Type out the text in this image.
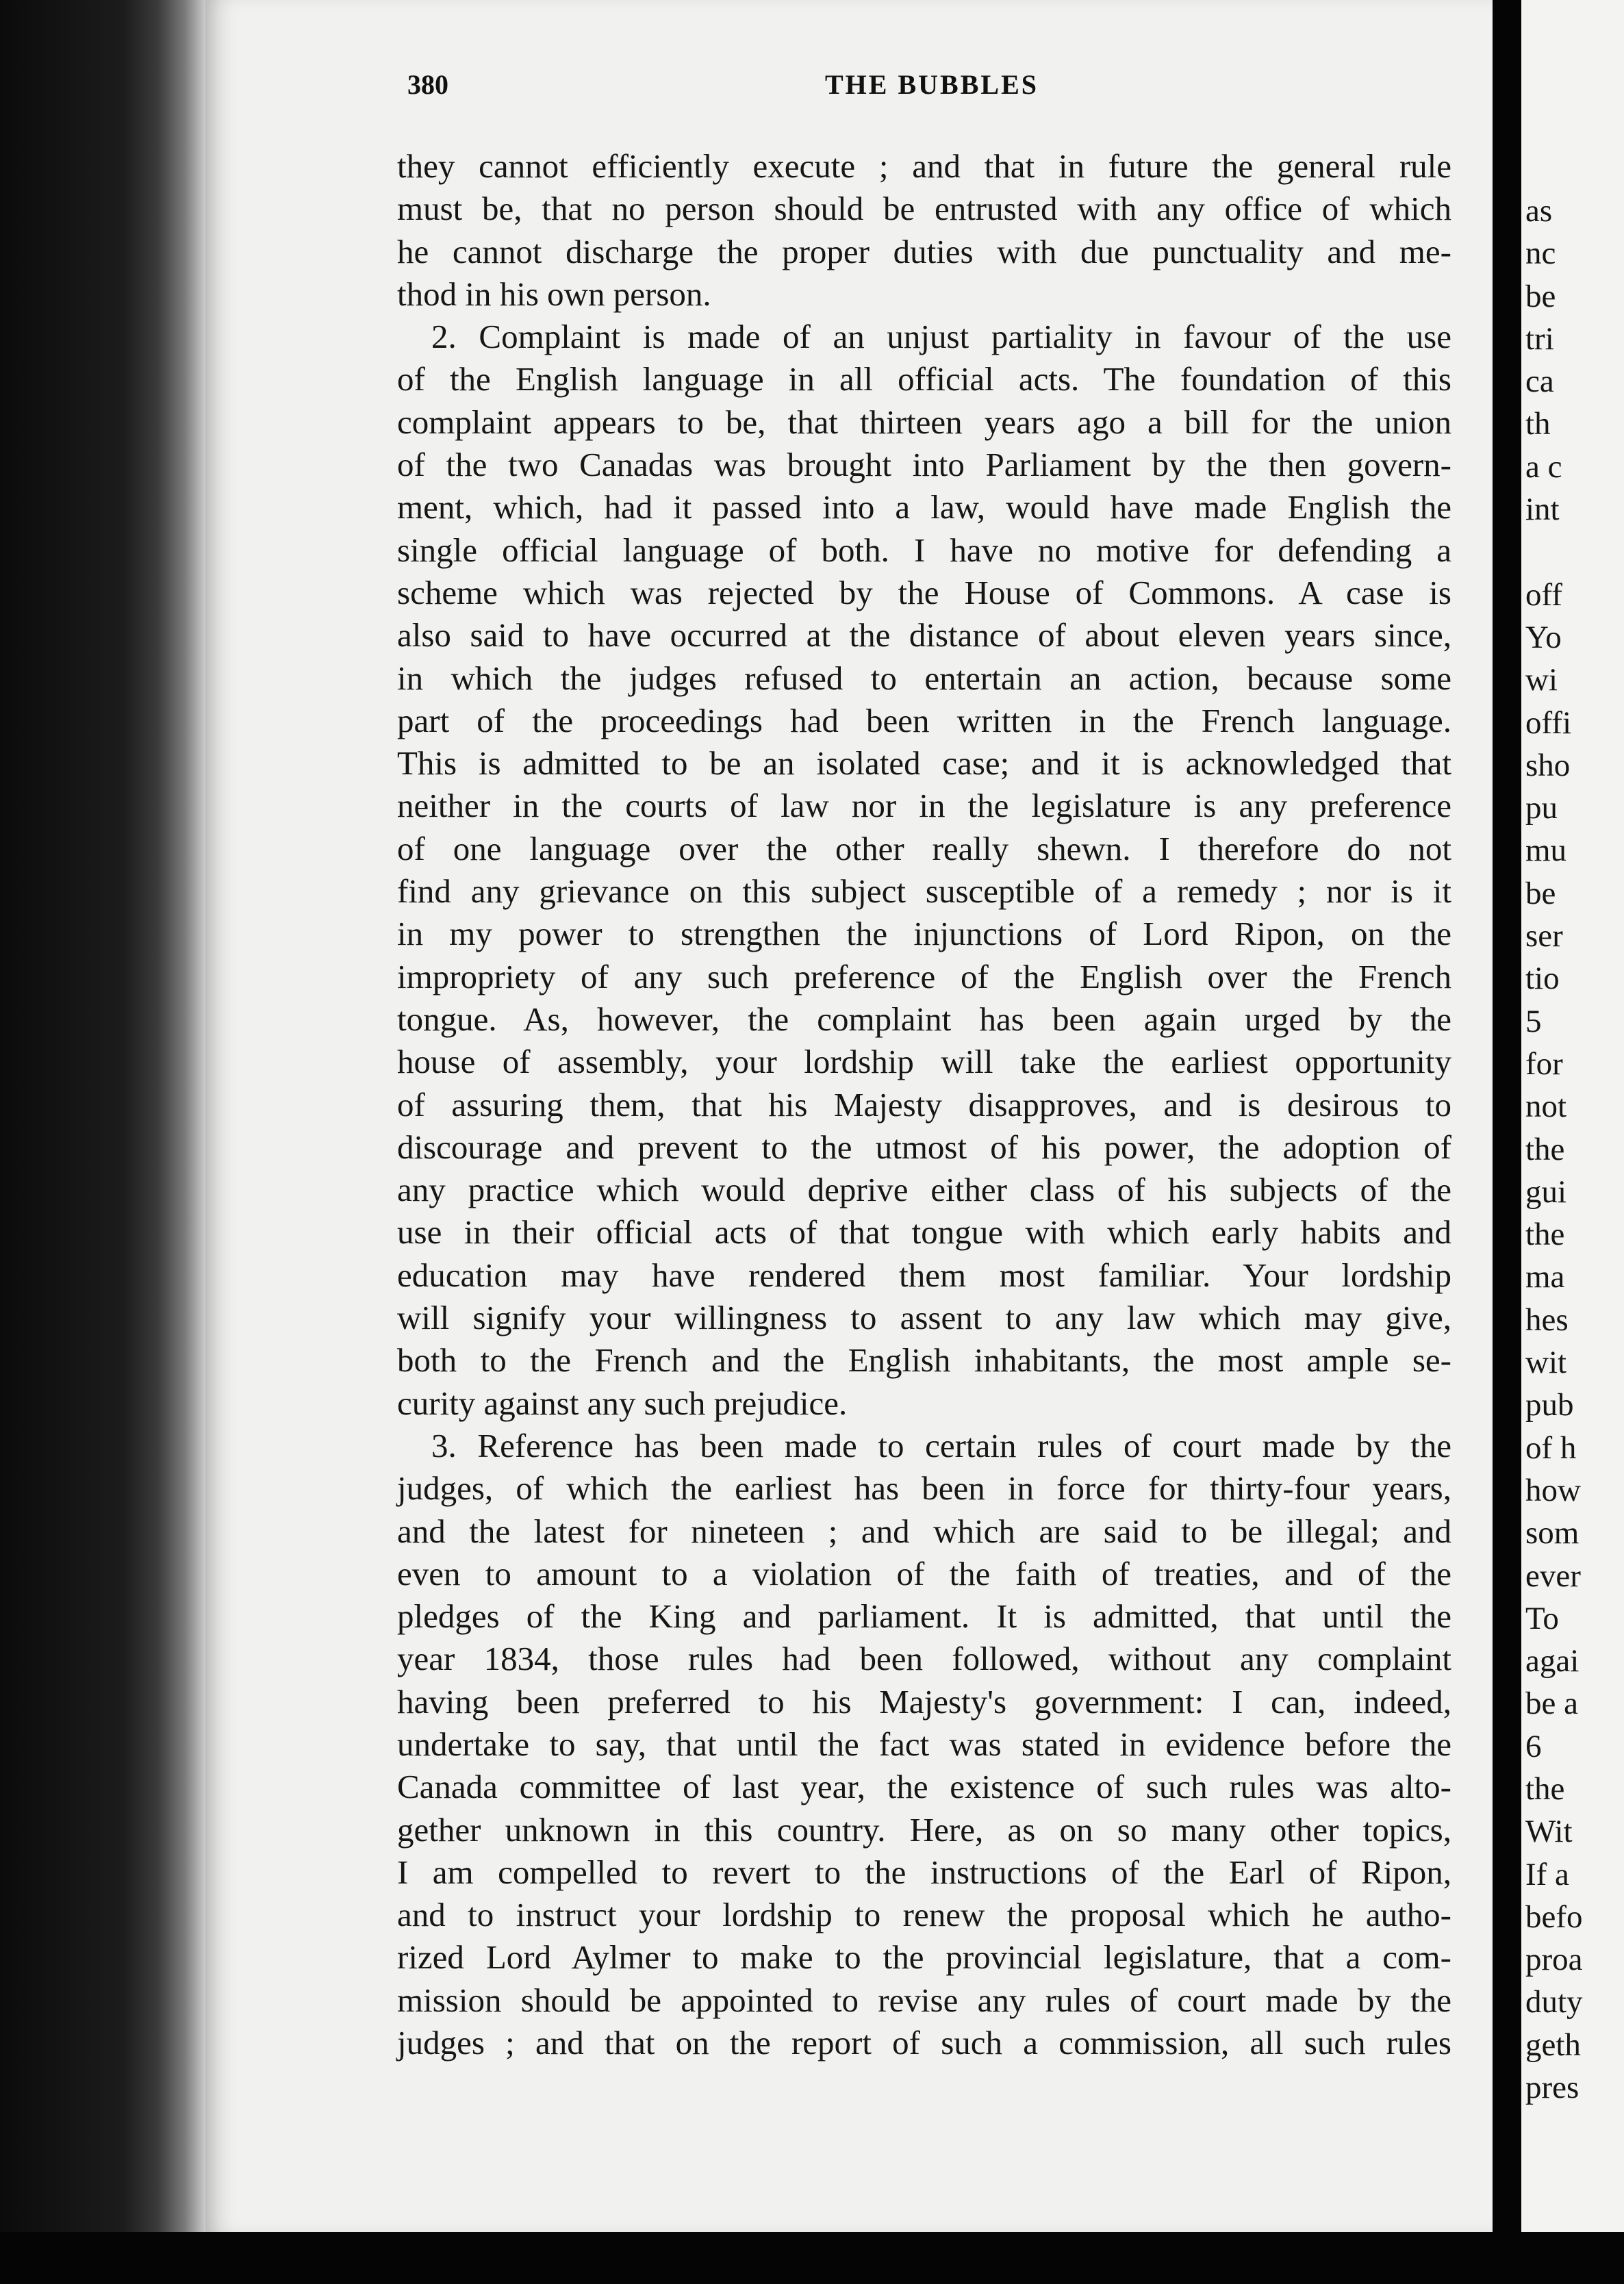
380	THE BUBBLES
they cannot efficiently execute ; and that in future the general rule
must be, that no person should be entrusted with any office of which
he cannot discharge the proper duties with due punctuality and me-
thod in his own person.
2. Complaint is made of an unjust partiality in favour of the use
of the English language in all official acts. The foundation of this
complaint appears to be, that thirteen years ago a bill for the union
of the two Canadas was brought into Parliament by the then govern-
ment, which, had it passed into a law, would have made English the
single official language of both. I have no motive for defending a
scheme which was rejected by the House of Commons. A case is
also said to have occurred at the distance of about eleven years since,
in which the judges refused to entertain an action, because some
part of the proceedings had been written in the French language.
This is admitted to be an isolated case; and it is acknowledged that
neither in the courts of law nor in the legislature is any preference
of one language over the other really shewn. I therefore do not
find any grievance on this subject susceptible of a remedy ; nor is it
in my power to strengthen the injunctions of Lord Ripon, on the
impropriety of any such preference of the English over the French
tongue. As, however, the complaint has been again urged by the
house of assembly, your lordship will take the earliest opportunity
of assuring them, that his Majesty disapproves, and is desirous to
discourage and prevent to the utmost of his power, the adoption of
any practice which would deprive either class of his subjects of the
use in their official acts of that tongue with which early habits and
education may have rendered them most familiar. Your lordship
will signify your willingness to assent to any law which may give,
both to the French and the English inhabitants, the most ample se-
curity against any such prejudice.
3. Reference has been made to certain rules of court made by the
judges, of which the earliest has been in force for thirty-four years,
and the latest for nineteen ; and which are said to be illegal; and
even to amount to a violation of the faith of treaties, and of the
pledges of the King and parliament. It is admitted, that until the
year 1834, those rules had been followed, without any complaint
having been preferred to his Majesty's government: I can, indeed,
undertake to say, that until the fact was stated in evidence before the
Canada committee of last year, the existence of such rules was alto-
gether unknown in this country. Here, as on so many other topics,
I am compelled to revert to the instructions of the Earl of Ripon,
and to instruct your lordship to renew the proposal which he autho-
rized Lord Aylmer to make to the provincial legislature, that a com-
mission should be appointed to revise any rules of court made by the
judges ; and that on the report of such a commission, all such rules
as
nc
be
tri
ca
th
a c
int
off
Yo
wi
offi
sho
pu
mu
be
ser
tio
5
for
not
the
gui
the
ma
hes
wit
pub
of h
how
som
ever
To
agai
be a
6
the
Wit
If a
befo
proa
duty
geth
pres
